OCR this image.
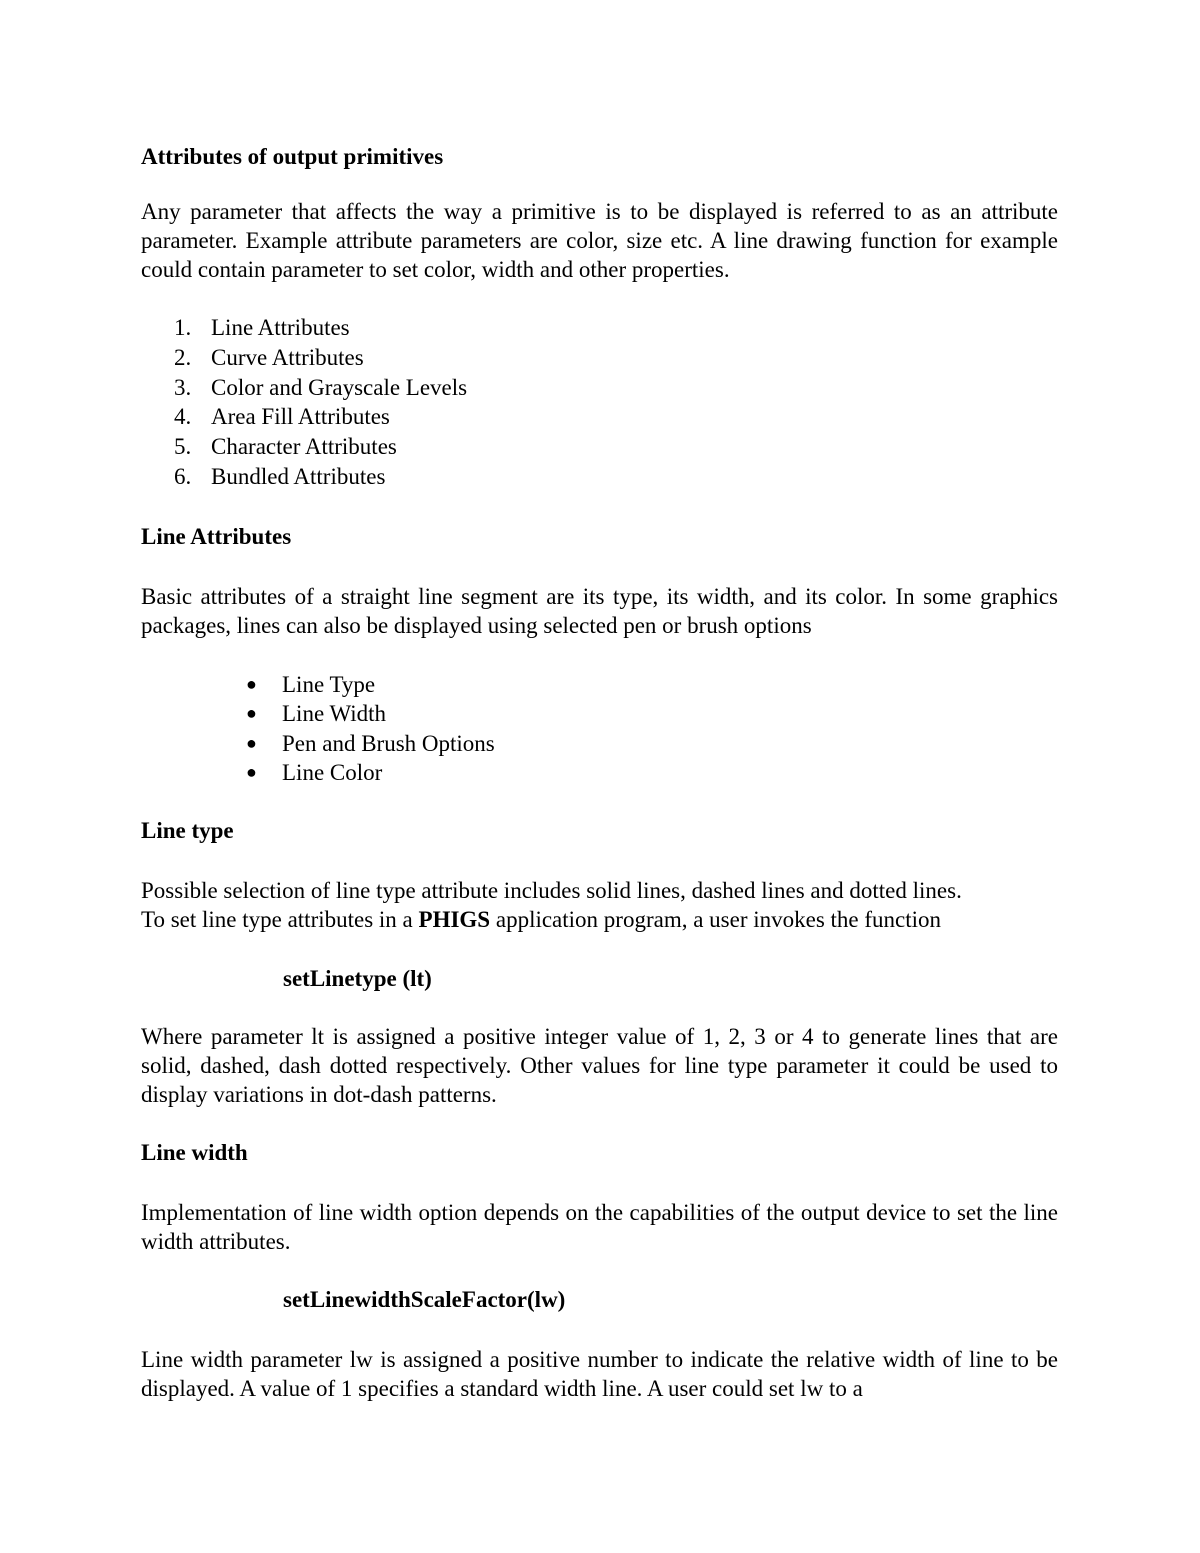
Attributes of output primitives

Any parameter that affects the way a primitive is to be displayed is referred to as an attribute parameter. Example attribute parameters are color, size etc. A line drawing function for example could contain parameter to set color, width and other properties.

1. Line Attributes
2. Curve Attributes
3. Color and Grayscale Levels
4. Area Fill Attributes
5. Character Attributes
6. Bundled Attributes

Line Attributes

Basic attributes of a straight line segment are its type, its width, and its color. In some graphics packages, lines can also be displayed using selected pen or brush options

● Line Type
● Line Width
● Pen and Brush Options
● Line Color

Line type

Possible selection of line type attribute includes solid lines, dashed lines and dotted lines.
To set line type attributes in a PHIGS application program, a user invokes the function

setLinetype (lt)

Where parameter lt is assigned a positive integer value of 1, 2, 3 or 4 to generate lines that are solid, dashed, dash dotted respectively. Other values for line type parameter it could be used to display variations in dot-dash patterns.

Line width

Implementation of line width option depends on the capabilities of the output device to set the line width attributes.

setLinewidthScaleFactor(lw)

Line width parameter lw is assigned a positive number to indicate the relative width of line to be displayed. A value of 1 specifies a standard width line. A user could set lw to a
